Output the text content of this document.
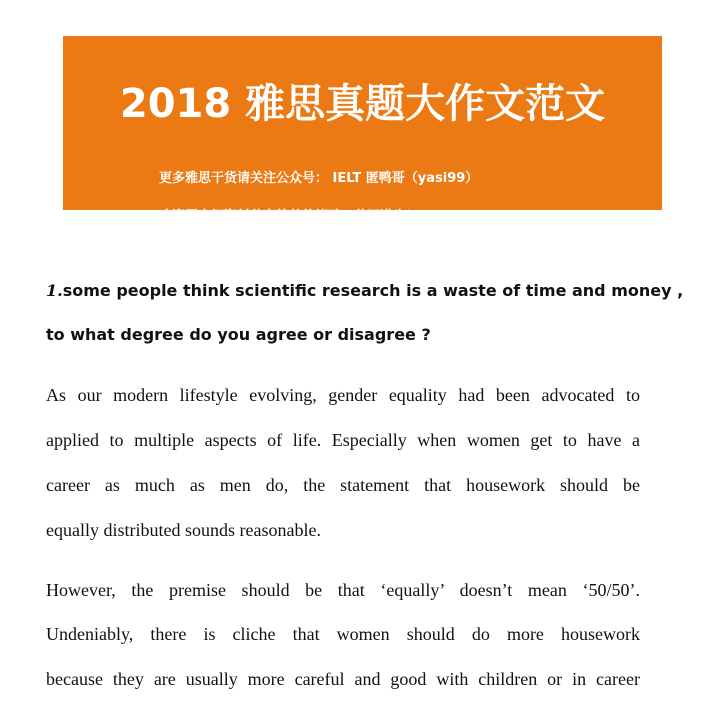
2018 雅思真题大作文范文
更多雅思干货请关注公众号： IELT 匿鸭哥（yasi99）
欢迎用户把资料共享给其他烤鸭，共同进步！
1.some people think scientific research is a waste of time and money ,
to what degree do you agree or disagree ?
As our modern lifestyle evolving, gender equality had been advocated to
applied to multiple aspects of life. Especially when women get to have a
career as much as men do, the statement that housework should be
equally distributed sounds reasonable.
However, the premise should be that ‘equally’ doesn’t mean ‘50/50’.
Undeniably, there is cliche that women should do more housework
because they are usually more careful and good with children or in career
